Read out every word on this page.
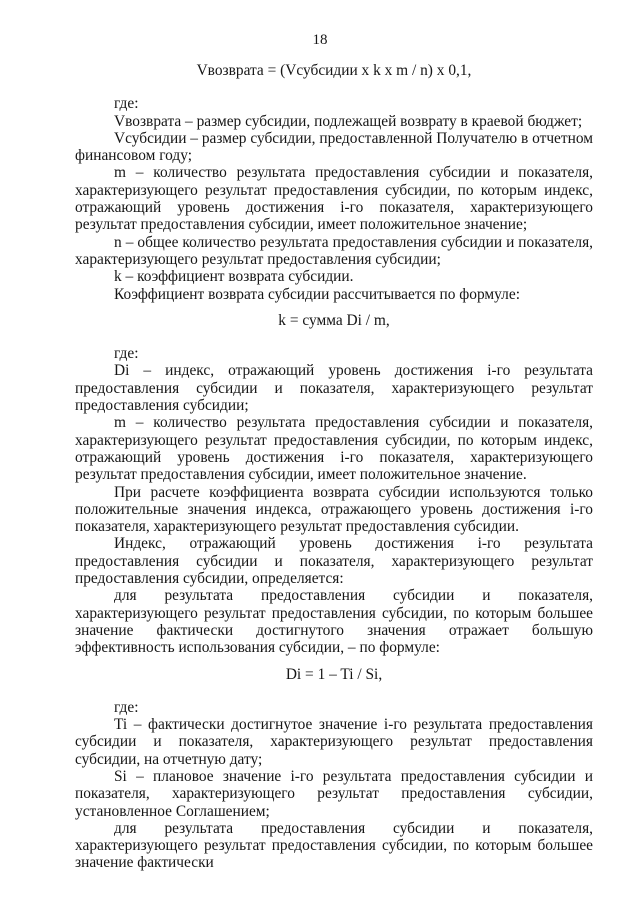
18

Vвозврата = (Vсубсидии x k x m / n) x 0,1,

где:

Vвозврата – размер субсидии, подлежащей возврату в краевой бюджет;

Vсубсидии – размер субсидии, предоставленной Получателю в отчетном финансовом году;

m – количество результата предоставления субсидии и показателя, характеризующего результат предоставления субсидии, по которым индекс, отражающий уровень достижения i-го показателя, характеризующего результат предоставления субсидии, имеет положительное значение;

n – общее количество результата предоставления субсидии и показателя, характеризующего результат предоставления субсидии;

k – коэффициент возврата субсидии.

Коэффициент возврата субсидии рассчитывается по формуле:

k = сумма Di / m,

где:

Di – индекс, отражающий уровень достижения i-го результата предоставления субсидии и показателя, характеризующего результат предоставления субсидии;

m – количество результата предоставления субсидии и показателя, характеризующего результат предоставления субсидии, по которым индекс, отражающий уровень достижения i-го показателя, характеризующего результат предоставления субсидии, имеет положительное значение.

При расчете коэффициента возврата субсидии используются только положительные значения индекса, отражающего уровень достижения i-го показателя, характеризующего результат предоставления субсидии.

Индекс, отражающий уровень достижения i-го результата предоставления субсидии и показателя, характеризующего результат предоставления субсидии, определяется:

для результата предоставления субсидии и показателя, характеризующего результат предоставления субсидии, по которым большее значение фактически достигнутого значения отражает большую эффективность использования субсидии, – по формуле:

Di = 1 – Ti / Si,

где:

Ti – фактически достигнутое значение i-го результата предоставления субсидии и показателя, характеризующего результат предоставления субсидии, на отчетную дату;

Si – плановое значение i-го результата предоставления субсидии и показателя, характеризующего результат предоставления субсидии, установленное Соглашением;

для результата предоставления субсидии и показателя, характеризующего результат предоставления субсидии, по которым большее значение фактически
